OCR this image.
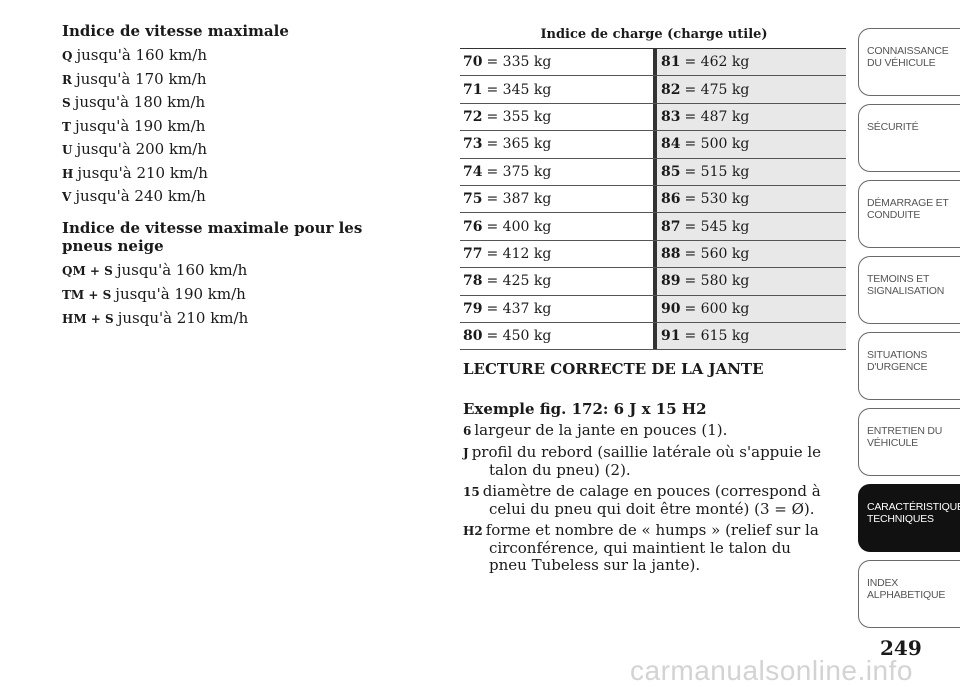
Indice de vitesse maximale
Q jusqu'à 160 km/h
R jusqu'à 170 km/h
S jusqu'à 180 km/h
T jusqu'à 190 km/h
U jusqu'à 200 km/h
H jusqu'à 210 km/h
V jusqu'à 240 km/h
Indice de vitesse maximale pour les pneus neige
QM + S jusqu'à 160 km/h
TM + S jusqu'à 190 km/h
HM + S jusqu'à 210 km/h
Indice de charge (charge utile)
70 = 335 kg	81 = 462 kg
71 = 345 kg	82 = 475 kg
72 = 355 kg	83 = 487 kg
73 = 365 kg	84 = 500 kg
74 = 375 kg	85 = 515 kg
75 = 387 kg	86 = 530 kg
76 = 400 kg	87 = 545 kg
77 = 412 kg	88 = 560 kg
78 = 425 kg	89 = 580 kg
79 = 437 kg	90 = 600 kg
80 = 450 kg	91 = 615 kg
LECTURE CORRECTE DE LA JANTE
Exemple fig. 172: 6 J x 15 H2
6 largeur de la jante en pouces (1).
J profil du rebord (saillie latérale où s'appuie le talon du pneu) (2).
15 diamètre de calage en pouces (correspond à celui du pneu qui doit être monté) (3 = Ø).
H2 forme et nombre de « humps » (relief sur la circonférence, qui maintient le talon du pneu Tubeless sur la jante).
CONNAISSANCE DU VÉHICULE
SÉCURITÉ
DÉMARRAGE ET CONDUITE
TEMOINS ET SIGNALISATION
SITUATIONS D'URGENCE
ENTRETIEN DU VÉHICULE
CARACTÉRISTIQUES TECHNIQUES
INDEX ALPHABETIQUE
249
carmanualsonline.info
